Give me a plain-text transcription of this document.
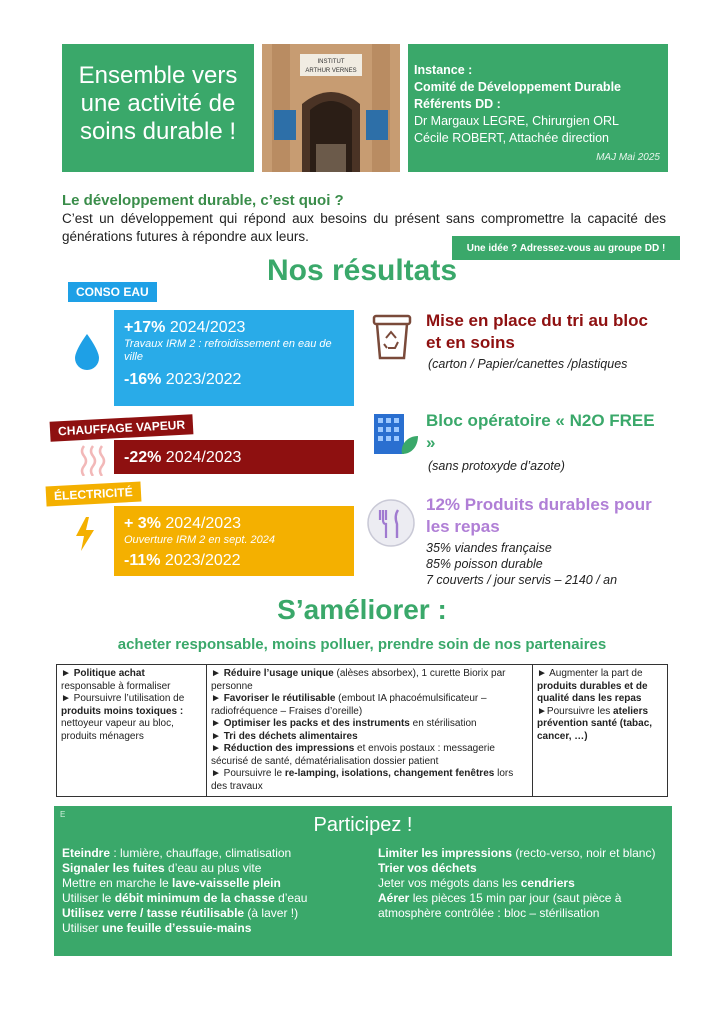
Ensemble vers une activité de soins durable !
INSTITUT
ARTHUR VERNES	Instance :
Comité de Développement Durable
Référents DD :
Dr Margaux LEGRE, Chirurgien ORL
Cécile ROBERT, Attachée direction
MAJ Mai 2025
Le développement durable, c’est quoi ?
C’est un développement qui répond aux besoins du présent sans compromettre la capacité des générations futures à répondre aux leurs.
Une idée ? Adressez-vous au groupe DD !
Nos résultats
CONSO EAU
+17% 2024/2023
Travaux IRM 2 : refroidissement en eau de ville
-16% 2023/2022
CHAUFFAGE VAPEUR
-22% 2024/2023
ÉLECTRICITÉ
+ 3% 2024/2023
Ouverture IRM 2 en sept. 2024
-11% 2023/2022
Mise en place du tri au bloc et en soins
(carton / Papier/canettes /plastiques
Bloc opératoire « N2O FREE »
(sans protoxyde d’azote)
12% Produits durables pour les repas
35% viandes française
85% poisson durable
7 couverts / jour servis – 2140 / an
S’améliorer :
acheter responsable, moins polluer, prendre soin de nos partenaires
► Politique achat
responsable à formaliser
► Poursuivre l’utilisation de produits moins toxiques : nettoyeur vapeur au bloc, produits ménagers

► Réduire l’usage unique (alèses absorbex), 1 curette Biorix par personne
► Favoriser le réutilisable (embout IA phacoémulsificateur – radiofréquence – Fraises d’oreille)
► Optimiser les packs et des instruments en stérilisation
► Tri des déchets alimentaires
► Réduction des impressions et envois postaux : messagerie sécurisé de santé, dématérialisation dossier patient
► Poursuivre le re-lamping, isolations, changement fenêtres lors des travaux

► Augmenter la part de produits durables et de qualité dans les repas
►Poursuivre les ateliers prévention santé (tabac, cancer, …)
E	Participez !
Eteindre : lumière, chauffage, climatisation
Signaler les fuites d’eau au plus vite
Mettre en marche le lave-vaisselle plein
Utiliser le débit minimum de la chasse d’eau
Utilisez verre / tasse réutilisable (à laver !)
Utiliser une feuille d’essuie-mains
Limiter les impressions (recto-verso, noir et blanc)
Trier vos déchets
Jeter vos mégots dans les cendriers
Aérer les pièces 15 min par jour (saut pièce à atmosphère contrôlée : bloc – stérilisation
